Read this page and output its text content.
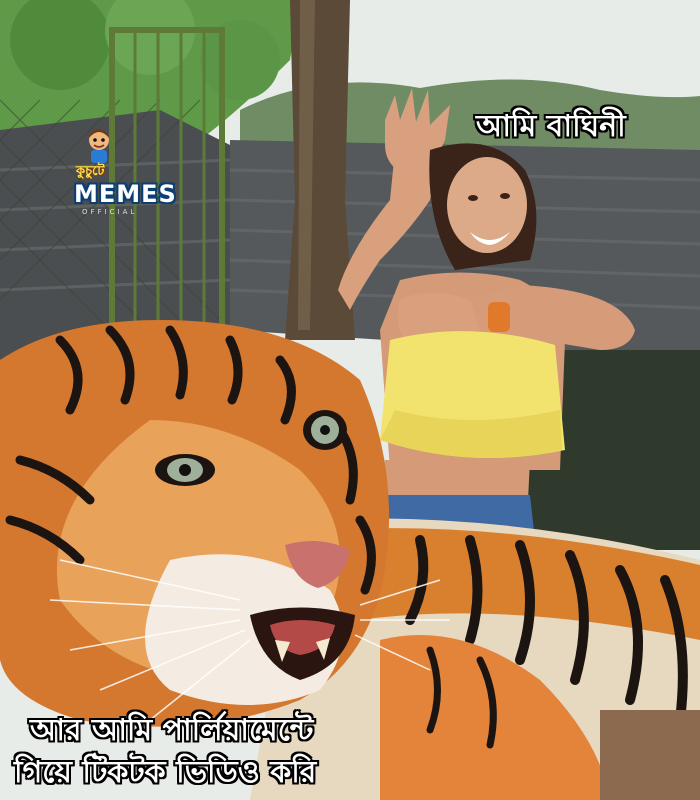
কুচুটে
MEMES
OFFICIAL
আমি বাঘিনী
আর আমি পার্লিয়ামেন্টে
গিয়ে টিকটক ভিডিও করি
